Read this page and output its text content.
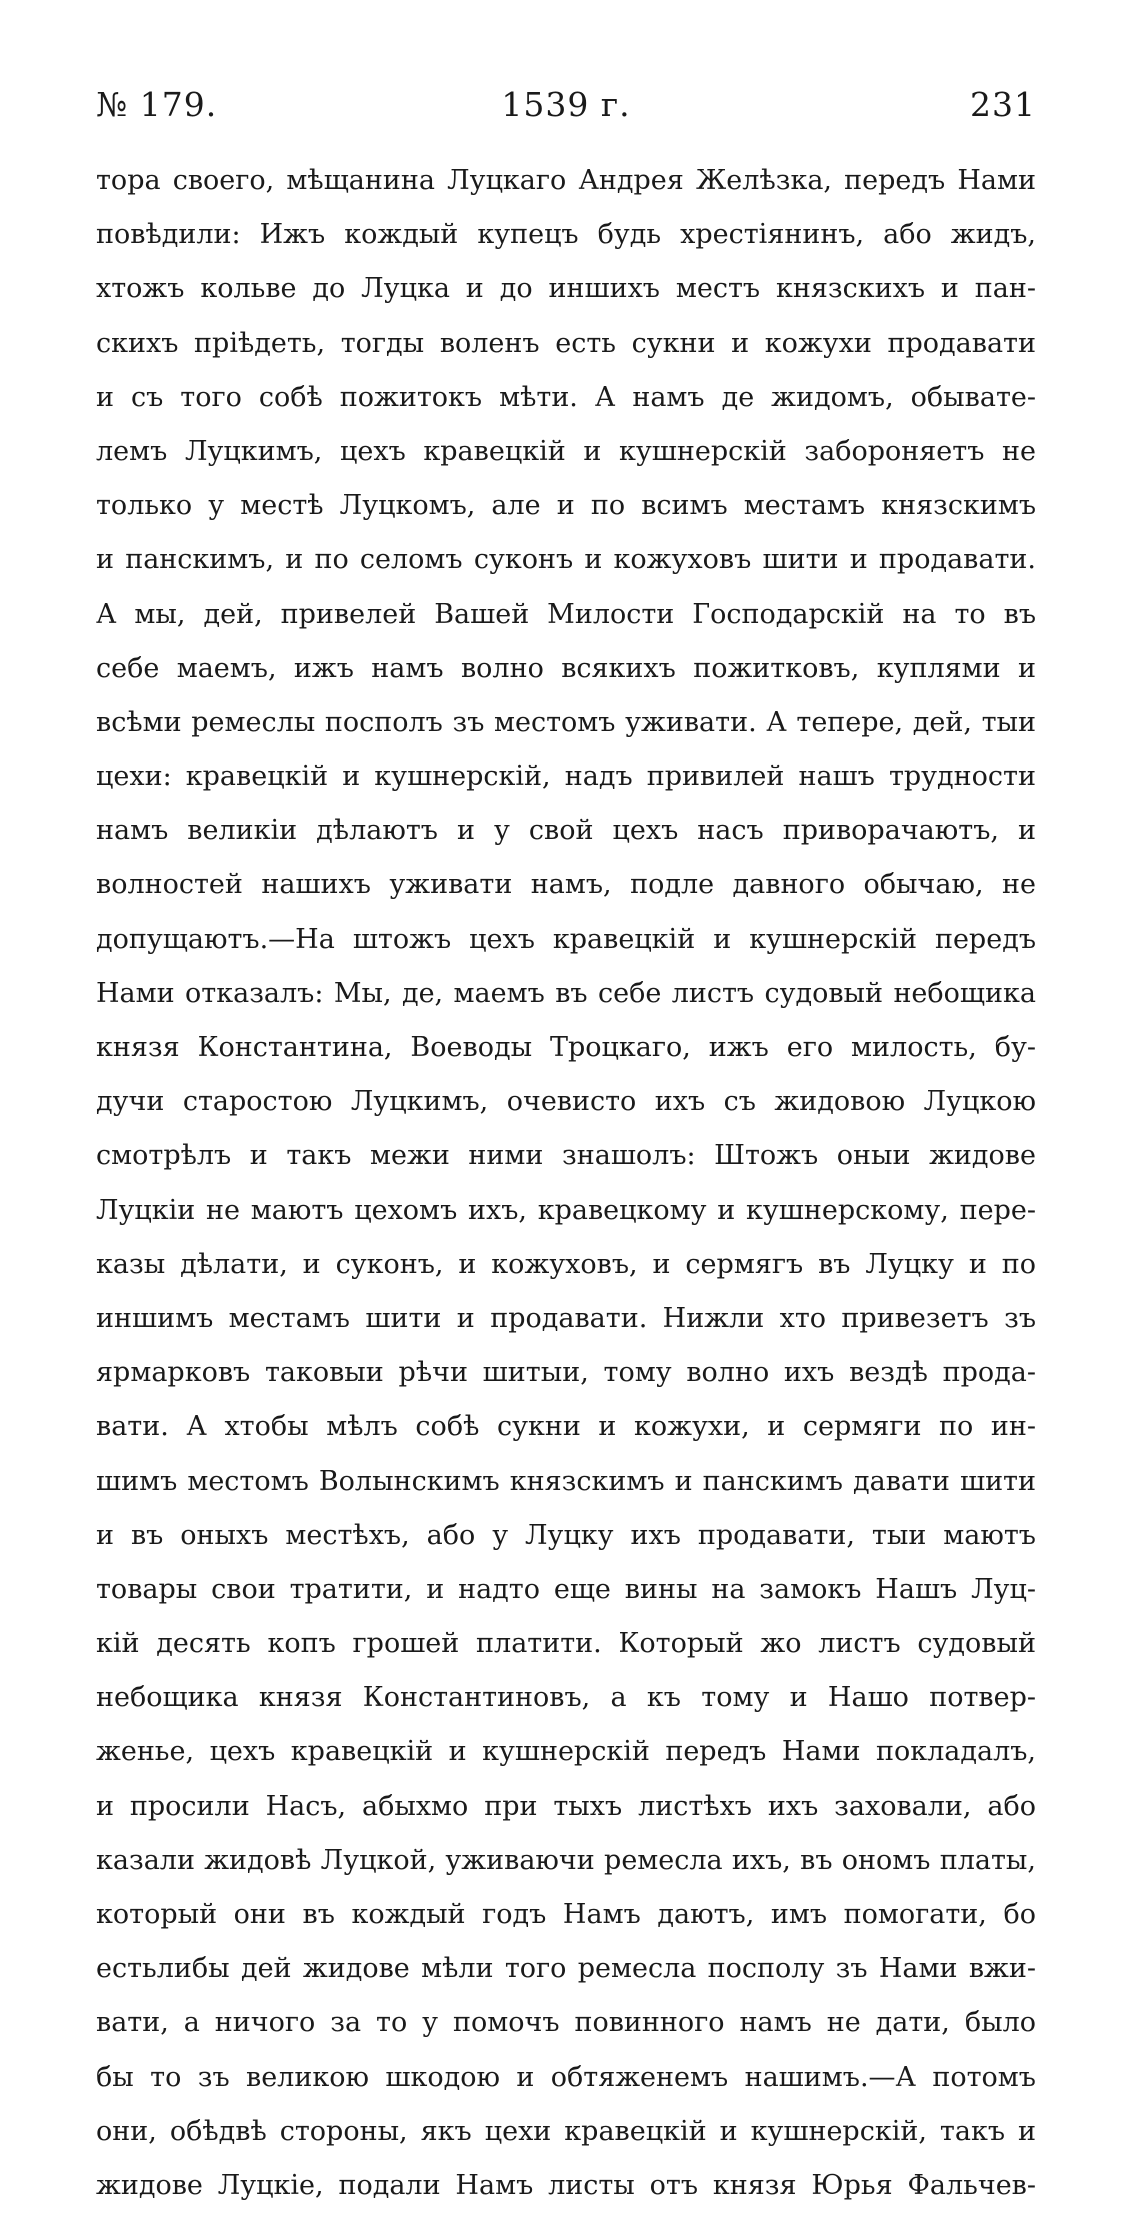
№ 179.	1539 г.	231
тора своего, мѣщанина Луцкаго Андрея Желѣзка, передъ Нами
повѣдили: Ижъ кождый купецъ будь хрестіянинъ, або жидъ,
хтожъ кольве до Луцка и до иншихъ местъ князскихъ и пан-
скихъ пріѣдеть, тогды воленъ есть сукни и кожухи продавати
и съ того собѣ пожитокъ мѣти. А намъ де жидомъ, обывате-
лемъ Луцкимъ, цехъ кравецкій и кушнерскій забороняетъ не
только у местѣ Луцкомъ, але и по всимъ местамъ князскимъ
и панскимъ, и по селомъ суконъ и кожуховъ шити и продавати.
А мы, дей, привелей Вашей Милости Господарскій на то въ
себе маемъ, ижъ намъ волно всякихъ пожитковъ, куплями и
всѣми ремеслы посполъ зъ местомъ уживати. А тепере, дей, тыи
цехи: кравецкій и кушнерскій, надъ привилей нашъ трудности
намъ великіи дѣлаютъ и у свой цехъ насъ приворачаютъ, и
волностей нашихъ уживати намъ, подле давного обычаю, не
допущаютъ.—На штожъ цехъ кравецкій и кушнерскій передъ
Нами отказалъ: Мы, де, маемъ въ себе листъ судовый небощика
князя Константина, Воеводы Троцкаго, ижъ его милость, бу-
дучи старостою Луцкимъ, очевисто ихъ съ жидовою Луцкою
смотрѣлъ и такъ межи ними знашолъ: Штожъ оныи жидове
Луцкіи не маютъ цехомъ ихъ, кравецкому и кушнерскому, пере-
казы дѣлати, и суконъ, и кожуховъ, и сермягъ въ Луцку и по
иншимъ местамъ шити и продавати. Нижли хто привезетъ зъ
ярмарковъ таковыи рѣчи шитыи, тому волно ихъ вездѣ прода-
вати. А хтобы мѣлъ собѣ сукни и кожухи, и сермяги по ин-
шимъ местомъ Волынскимъ князскимъ и панскимъ давати шити
и въ оныхъ местѣхъ, або у Луцку ихъ продавати, тыи маютъ
товары свои тратити, и надто еще вины на замокъ Нашъ Луц-
кій десять копъ грошей платити. Который жо листъ судовый
небощика князя Константиновъ, а къ тому и Нашо потвер-
женье, цехъ кравецкій и кушнерскій передъ Нами покладалъ,
и просили Насъ, абыхмо при тыхъ листѣхъ ихъ заховали, або
казали жидовѣ Луцкой, уживаючи ремесла ихъ, въ ономъ платы,
который они въ кождый годъ Намъ даютъ, имъ помогати, бо
естьлибы дей жидове мѣли того ремесла посполу зъ Нами вжи-
вати, а ничого за то у помочъ повинного намъ не дати, было
бы то зъ великою шкодою и обтяженемъ нашимъ.—А потомъ
они, обѣдвѣ стороны, якъ цехи кравецкій и кушнерскій, такъ и
жидове Луцкіе, подали Намъ листы отъ князя Юрья Фальчев-
